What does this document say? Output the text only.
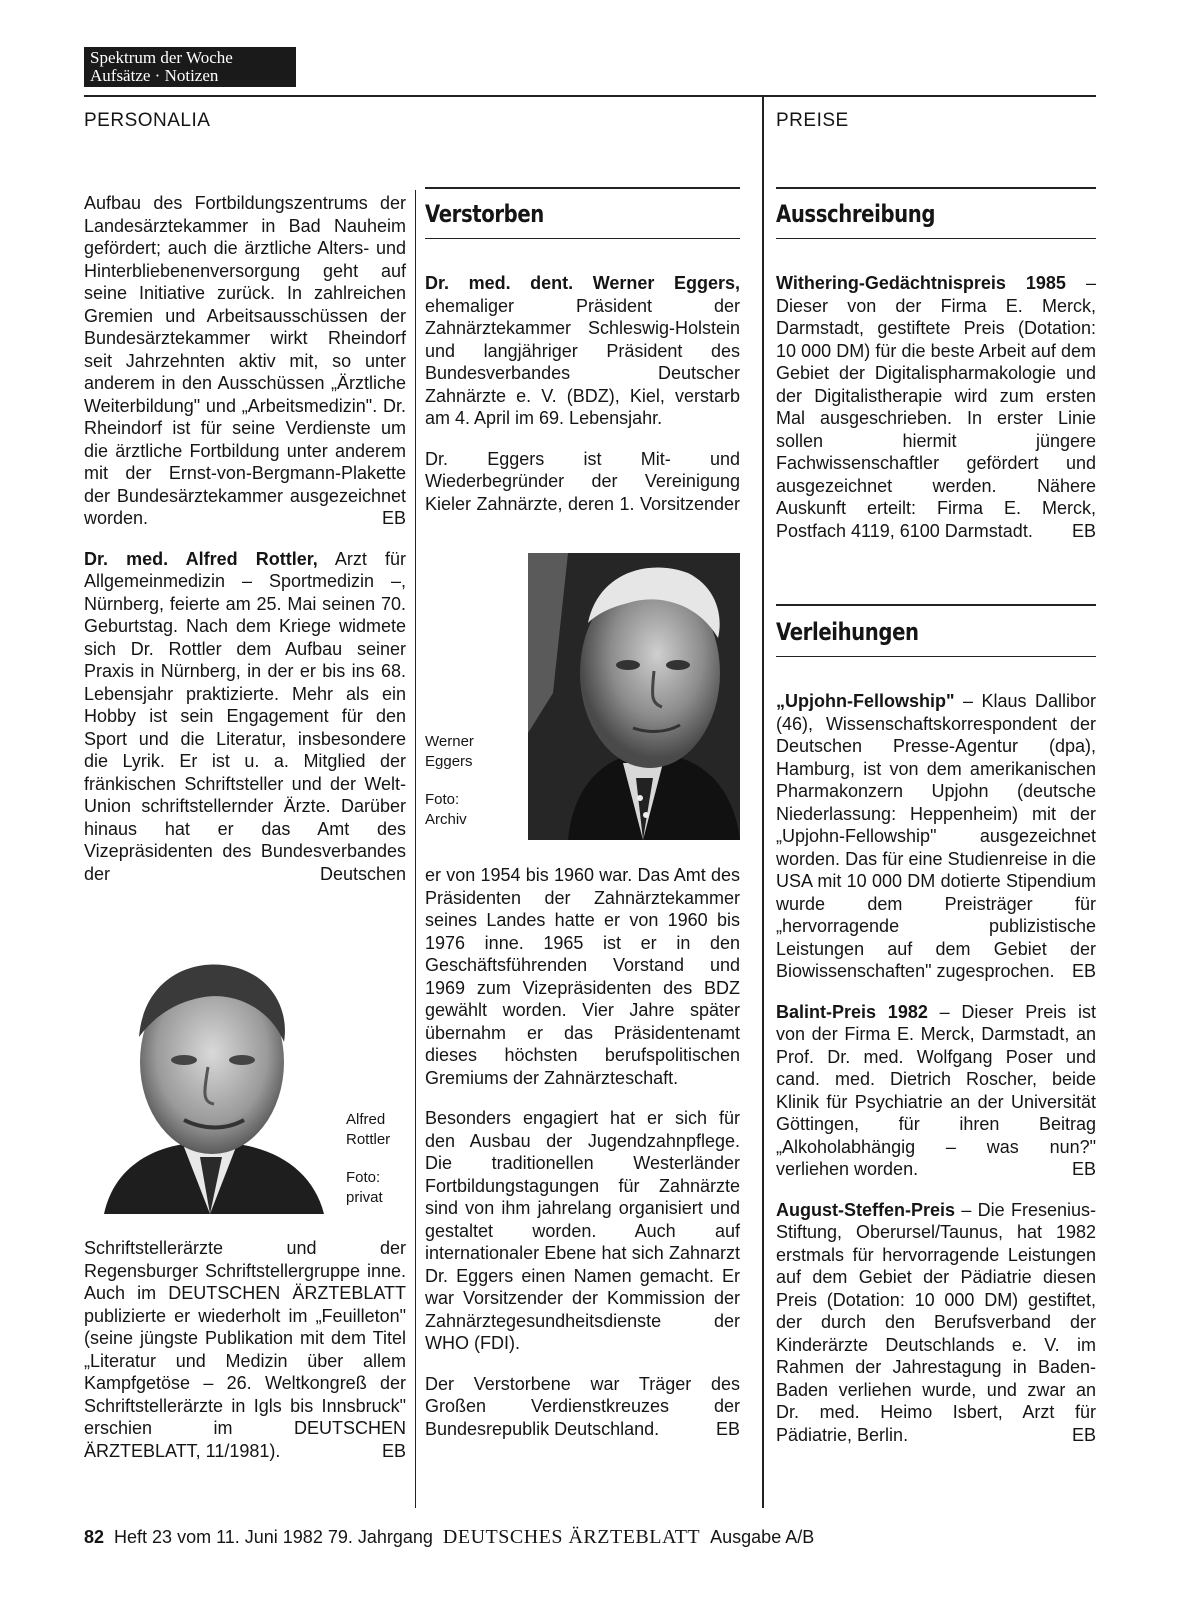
Spektrum der Woche
Aufsätze · Notizen
PERSONALIA	PREISE

Aufbau des Fortbildungszentrums der Landesärztekammer in Bad Nauheim gefördert; auch die ärztliche Alters- und Hinterbliebenenversorgung geht auf seine Initiative zurück. In zahlreichen Gremien und Arbeitsausschüssen der Bundesärztekammer wirkt Rheindorf seit Jahrzehnten aktiv mit, so unter anderem in den Ausschüssen „Ärztliche Weiterbildung" und „Arbeitsmedizin". Dr. Rheindorf ist für seine Verdienste um die ärztliche Fortbildung unter anderem mit der Ernst-von-Bergmann-Plakette der Bundesärztekammer ausgezeichnet worden.	EB

Dr. med. Alfred Rottler, Arzt für Allgemeinmedizin – Sportmedizin –, Nürnberg, feierte am 25. Mai seinen 70. Geburtstag. Nach dem Kriege widmete sich Dr. Rottler dem Aufbau seiner Praxis in Nürnberg, in der er bis ins 68. Lebensjahr praktizierte. Mehr als ein Hobby ist sein Engagement für den Sport und die Literatur, insbesondere die Lyrik. Er ist u. a. Mitglied der fränkischen Schriftsteller und der Welt-Union schriftstellernder Ärzte. Darüber hinaus hat er das Amt des Vizepräsidenten des Bundesverbandes der Deutschen

Alfred Rottler
Foto: privat

Schriftstellerärzte und der Regensburger Schriftstellergruppe inne. Auch im DEUTSCHEN ÄRZTEBLATT publizierte er wiederholt im „Feuilleton" (seine jüngste Publikation mit dem Titel „Literatur und Medizin über allem Kampfgetöse – 26. Weltkongreß der Schriftstellerärzte in Igls bis Innsbruck" erschien im DEUTSCHEN ÄRZTEBLATT, 11/1981).	EB

Verstorben

Dr. med. dent. Werner Eggers, ehemaliger Präsident der Zahnärztekammer Schleswig-Holstein und langjähriger Präsident des Bundesverbandes Deutscher Zahnärzte e. V. (BDZ), Kiel, verstarb am 4. April im 69. Lebensjahr.

Dr. Eggers ist Mit- und Wiederbegründer der Vereinigung Kieler Zahnärzte, deren 1. Vorsitzender

Werner Eggers
Foto: Archiv

er von 1954 bis 1960 war. Das Amt des Präsidenten der Zahnärztekammer seines Landes hatte er von 1960 bis 1976 inne. 1965 ist er in den Geschäftsführenden Vorstand und 1969 zum Vizepräsidenten des BDZ gewählt worden. Vier Jahre später übernahm er das Präsidentenamt dieses höchsten berufspolitischen Gremiums der Zahnärzteschaft.

Besonders engagiert hat er sich für den Ausbau der Jugendzahnpflege. Die traditionellen Westerländer Fortbildungstagungen für Zahnärzte sind von ihm jahrelang organisiert und gestaltet worden. Auch auf internationaler Ebene hat sich Zahnarzt Dr. Eggers einen Namen gemacht. Er war Vorsitzender der Kommission der Zahnärztegesundheitsdienste der WHO (FDI).

Der Verstorbene war Träger des Großen Verdienstkreuzes der Bundesrepublik Deutschland.	EB

Ausschreibung

Withering-Gedächtnispreis 1985 – Dieser von der Firma E. Merck, Darmstadt, gestiftete Preis (Dotation: 10 000 DM) für die beste Arbeit auf dem Gebiet der Digitalispharmakologie und der Digitalistherapie wird zum ersten Mal ausgeschrieben. In erster Linie sollen hiermit jüngere Fachwissenschaftler gefördert und ausgezeichnet werden. Nähere Auskunft erteilt: Firma E. Merck, Postfach 4119, 6100 Darmstadt. EB

Verleihungen

„Upjohn-Fellowship" – Klaus Dallibor (46), Wissenschaftskorrespondent der Deutschen Presse-Agentur (dpa), Hamburg, ist von dem amerikanischen Pharmakonzern Upjohn (deutsche Niederlassung: Heppenheim) mit der „Upjohn-Fellowship" ausgezeichnet worden. Das für eine Studienreise in die USA mit 10 000 DM dotierte Stipendium wurde dem Preisträger für „hervorragende publizistische Leistungen auf dem Gebiet der Biowissenschaften" zugesprochen. EB

Balint-Preis 1982 – Dieser Preis ist von der Firma E. Merck, Darmstadt, an Prof. Dr. med. Wolfgang Poser und cand. med. Dietrich Roscher, beide Klinik für Psychiatrie an der Universität Göttingen, für ihren Beitrag „Alkoholabhängig – was nun?" verliehen worden.	EB

August-Steffen-Preis – Die Fresenius-Stiftung, Oberursel/Taunus, hat 1982 erstmals für hervorragende Leistungen auf dem Gebiet der Pädiatrie diesen Preis (Dotation: 10 000 DM) gestiftet, der durch den Berufsverband der Kinderärzte Deutschlands e. V. im Rahmen der Jahrestagung in Baden-Baden verliehen wurde, und zwar an Dr. med. Heimo Isbert, Arzt für Pädiatrie, Berlin.	EB

82 Heft 23 vom 11. Juni 1982 79. Jahrgang DEUTSCHES ÄRZTEBLATT Ausgabe A/B
